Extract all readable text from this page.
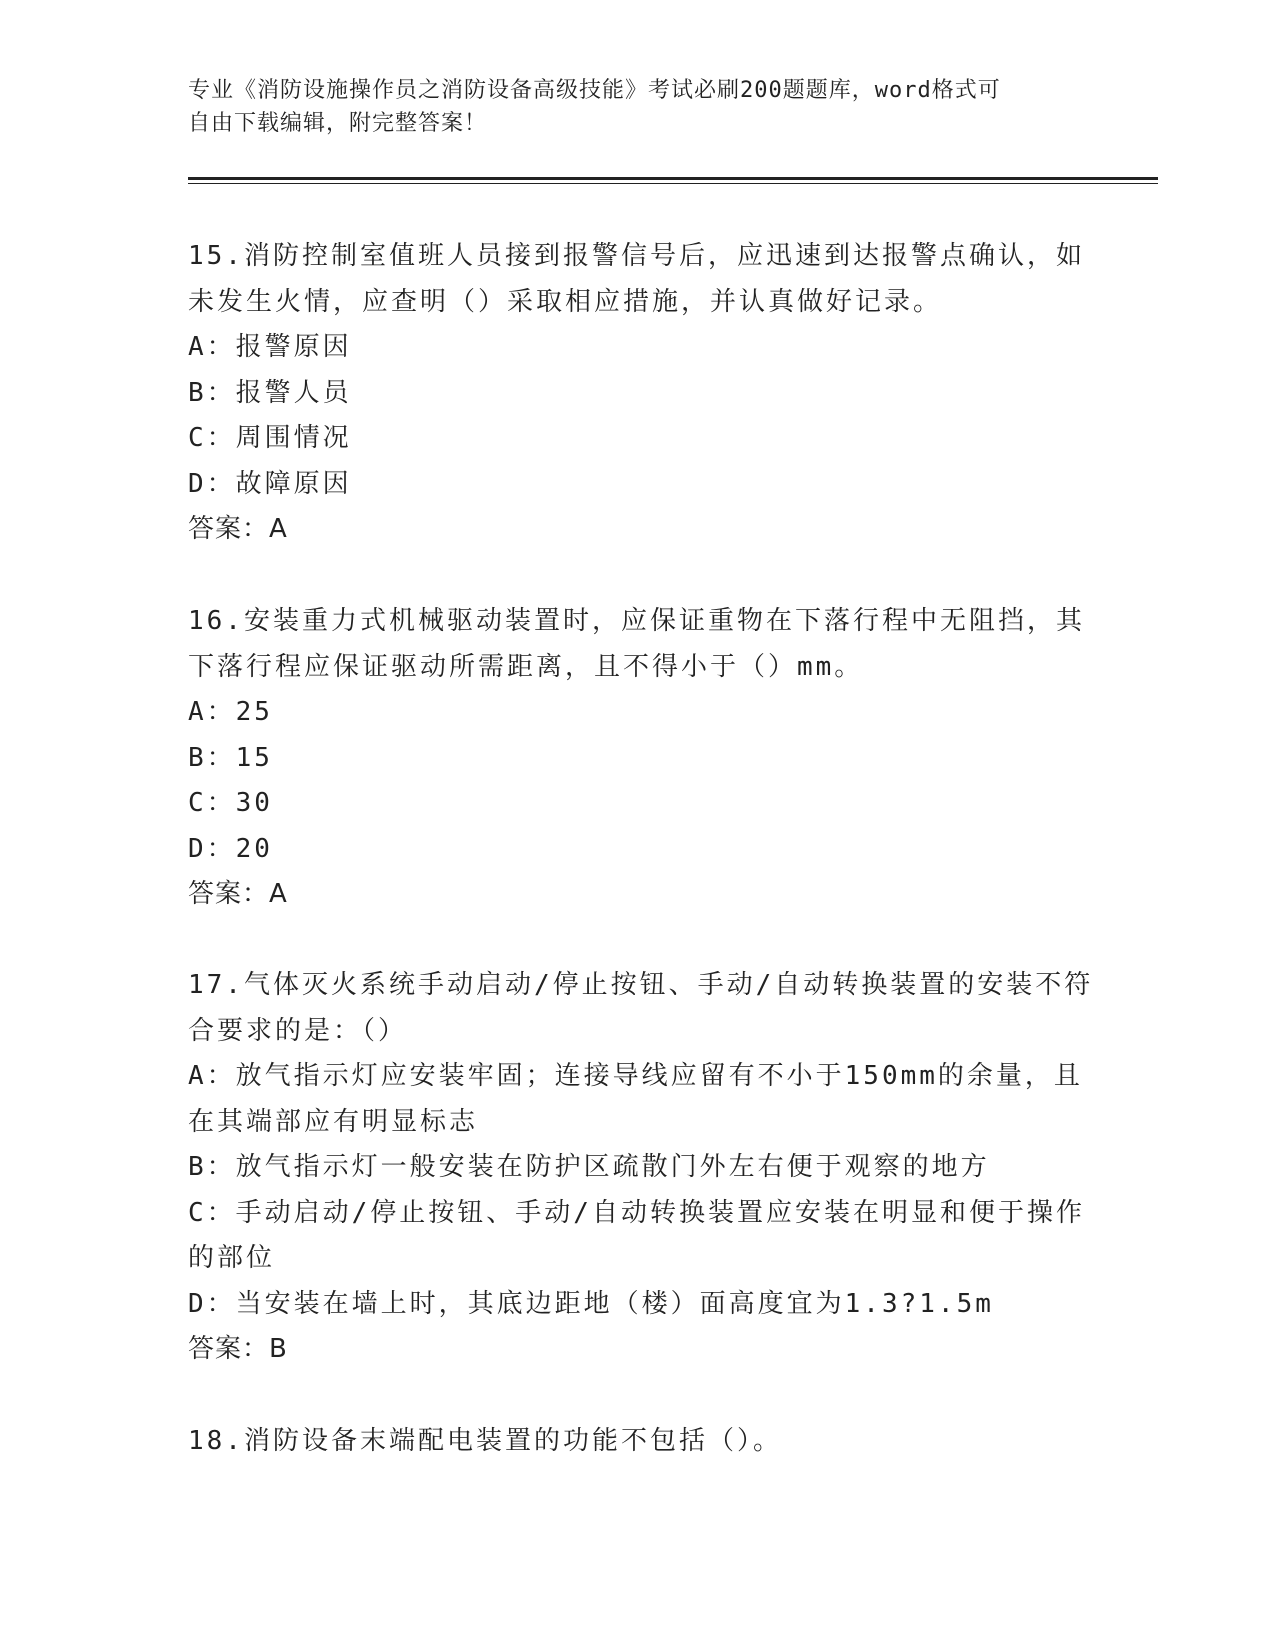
专业《消防设施操作员之消防设备高级技能》考试必刷200题题库，word格式可
自由下载编辑，附完整答案！
15.消防控制室值班人员接到报警信号后，应迅速到达报警点确认，如
未发生火情，应查明（）采取相应措施，并认真做好记录。
A：报警原因
B：报警人员
C：周围情况
D：故障原因
答案：A
16.安装重力式机械驱动装置时，应保证重物在下落行程中无阻挡，其
下落行程应保证驱动所需距离，且不得小于（）mm。
A：25
B：15
C：30
D：20
答案：A
17.气体灭火系统手动启动/停止按钮、手动/自动转换装置的安装不符
合要求的是：（）
A：放气指示灯应安装牢固；连接导线应留有不小于150mm的余量，且
在其端部应有明显标志
B：放气指示灯一般安装在防护区疏散门外左右便于观察的地方
C：手动启动/停止按钮、手动/自动转换装置应安装在明显和便于操作
的部位
D：当安装在墙上时，其底边距地（楼）面高度宜为1.3?1.5m
答案：B
18.消防设备末端配电装置的功能不包括（）。
